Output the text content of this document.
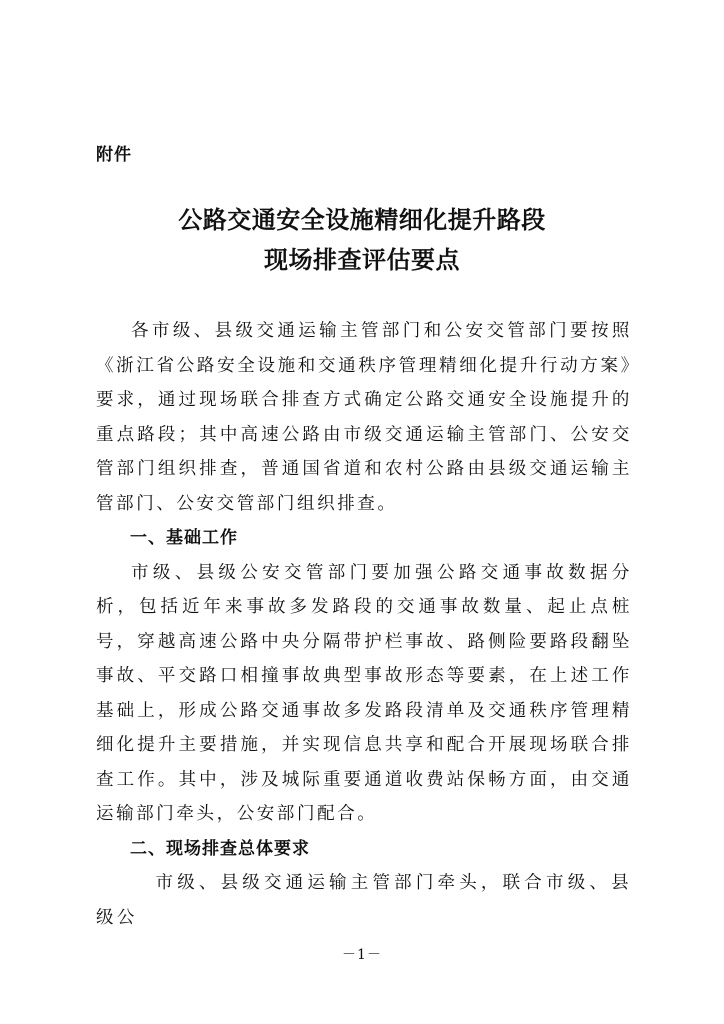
附件
公路交通安全设施精细化提升路段
现场排查评估要点

各市级、县级交通运输主管部门和公安交管部门要按照《浙江省公路安全设施和交通秩序管理精细化提升行动方案》要求，通过现场联合排查方式确定公路交通安全设施提升的重点路段；其中高速公路由市级交通运输主管部门、公安交管部门组织排查，普通国省道和农村公路由县级交通运输主管部门、公安交管部门组织排查。

一、基础工作

市级、县级公安交管部门要加强公路交通事故数据分析，包括近年来事故多发路段的交通事故数量、起止点桩号，穿越高速公路中央分隔带护栏事故、路侧险要路段翻坠事故、平交路口相撞事故典型事故形态等要素，在上述工作基础上，形成公路交通事故多发路段清单及交通秩序管理精细化提升主要措施，并实现信息共享和配合开展现场联合排查工作。其中，涉及城际重要通道收费站保畅方面，由交通运输部门牵头，公安部门配合。

二、现场排查总体要求

市级、县级交通运输主管部门牵头，联合市级、县级公

－1－
